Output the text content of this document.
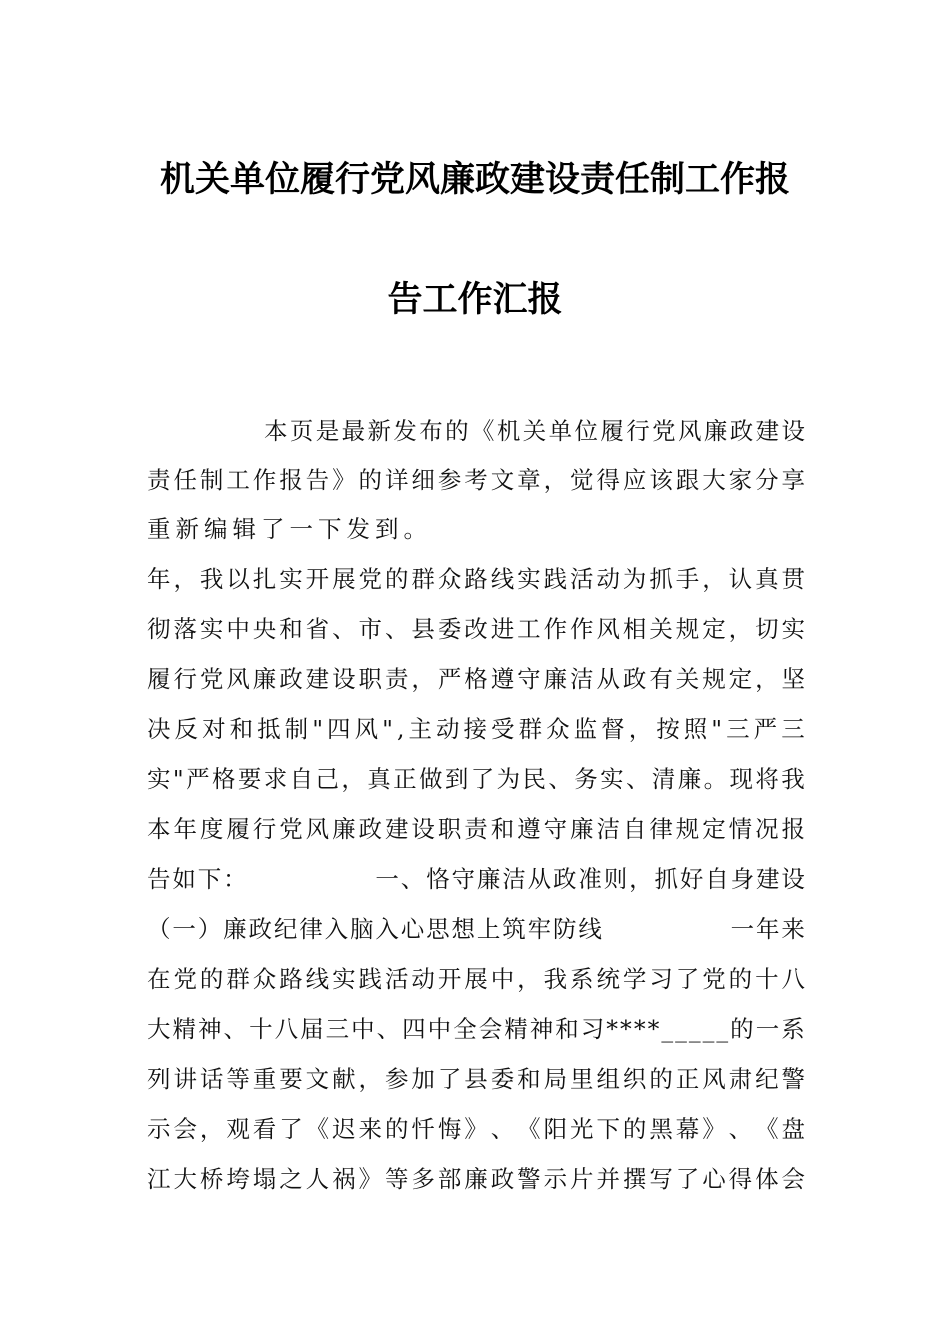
机关单位履行党风廉政建设责任制工作报
告工作汇报
本 页 是 最 新 发 布 的 《 机 关 单 位 履 行 党 风 廉 政 建 设
责 任 制 工 作 报 告 》 的 详 细 参 考 文 章 ， 觉 得 应 该 跟 大 家 分 享
重新编辑了一下发到。
年 ， 我 以 扎 实 开 展 党 的 群 众 路 线 实 践 活 动 为 抓 手 ， 认 真 贯
彻 落 实 中 央 和 省 、 市 、 县 委 改 进 工 作 作 风 相 关 规 定 ， 切 实
履 行 党 风 廉 政 建 设 职 责 ， 严 格 遵 守 廉 洁 从 政 有 关 规 定 ， 坚
决 反 对 和 抵 制 " 四 风 " , 主 动 接 受 群 众 监 督 ， 按 照 " 三 严 三
实 " 严 格 要 求 自 己 ， 真 正 做 到 了 为 民 、 务 实 、 清 廉 。 现 将 我
本 年 度 履 行 党 风 廉 政 建 设 职 责 和 遵 守 廉 洁 自 律 规 定 情 况 报
告 如 下 ：

　	一 、 恪 守 廉 洁 从 政 准 则 ， 抓 好 自 身 建 设
（ 一 ） 廉 政 纪 律 入 脑 入 心 思 想 上 筑 牢 防 线

　	一 年 来
在 党 的 群 众 路 线 实 践 活 动 开 展 中 ， 我 系 统 学 习 了 党 的 十 八
大 精 神 、 十 八 届 三 中 、 四 中 全 会 精 神 和 习 * * * * _ _ _ _ _ 的 一 系
列 讲 话 等 重 要 文 献 ， 参 加 了 县 委 和 局 里 组 织 的 正 风 肃 纪 警
示 会 ， 观 看 了 《 迟 来 的 忏 悔 》 、 《 阳 光 下 的 黑 幕 》 、 《 盘
江 大 桥 垮 塌 之 人 祸 》 等 多 部 廉 政 警 示 片 并 撰 写 了 心 得 体 会
